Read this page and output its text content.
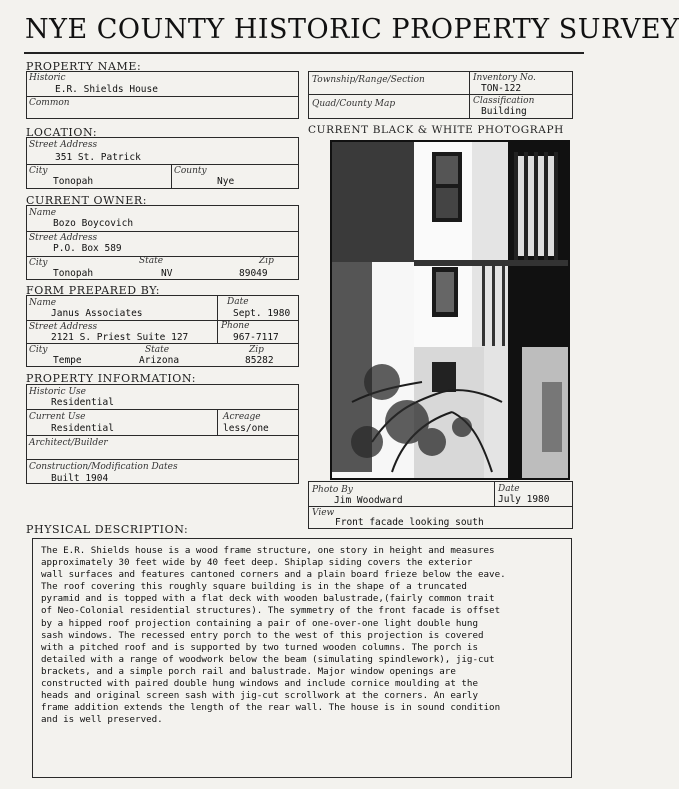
NYE COUNTY HISTORIC PROPERTY SURVEY
PROPERTY NAME:
Historic
E.R. Shields House
Common
Township/Range/Section	Inventory No.
TON-122
Quad/County Map	Classification
Building
LOCATION:
Street Address
351 St. Patrick
City
Tonopah
County
Nye
CURRENT OWNER:
Name
Bozo Boycovich
Street Address
P.O. Box 589
City
Tonopah
State
NV
Zip
89049
FORM PREPARED BY:
Name
Janus Associates
Date
Sept. 1980
Street Address
2121 S. Priest Suite 127
Phone
967-7117
City
Tempe
State
Arizona
Zip
85282
PROPERTY INFORMATION:
Historic Use
Residential
Current Use
Residential
Acreage
less/one
Architect/Builder
Construction/Modification Dates
Built 1904
CURRENT BLACK & WHITE PHOTOGRAPH
Photo By
Jim Woodward
Date
July 1980
View
Front facade looking south
PHYSICAL DESCRIPTION:
The E.R. Shields house is a wood frame structure, one story in height and measures
approximately 30 feet wide by 40 feet deep. Shiplap siding covers the exterior
wall surfaces and features cantoned corners and a plain board frieze below the eave.
The roof covering this roughly square building is in the shape of a truncated
pyramid and is topped with a flat deck with wooden balustrade,(fairly common trait
of Neo-Colonial residential structures). The symmetry of the front facade is offset
by a hipped roof projection containing a pair of one-over-one light double hung
sash windows. The recessed entry porch to the west of this projection is covered
with a pitched roof and is supported by two turned wooden columns. The porch is
detailed with a range of woodwork below the beam (simulating spindlework), jig-cut
brackets, and a simple porch rail and balustrade. Major window openings are
constructed with paired double hung windows and include cornice moulding at the
heads and original screen sash with jig-cut scrollwork at the corners. An early
frame addition extends the length of the rear wall. The house is in sound condition
and is well preserved.
